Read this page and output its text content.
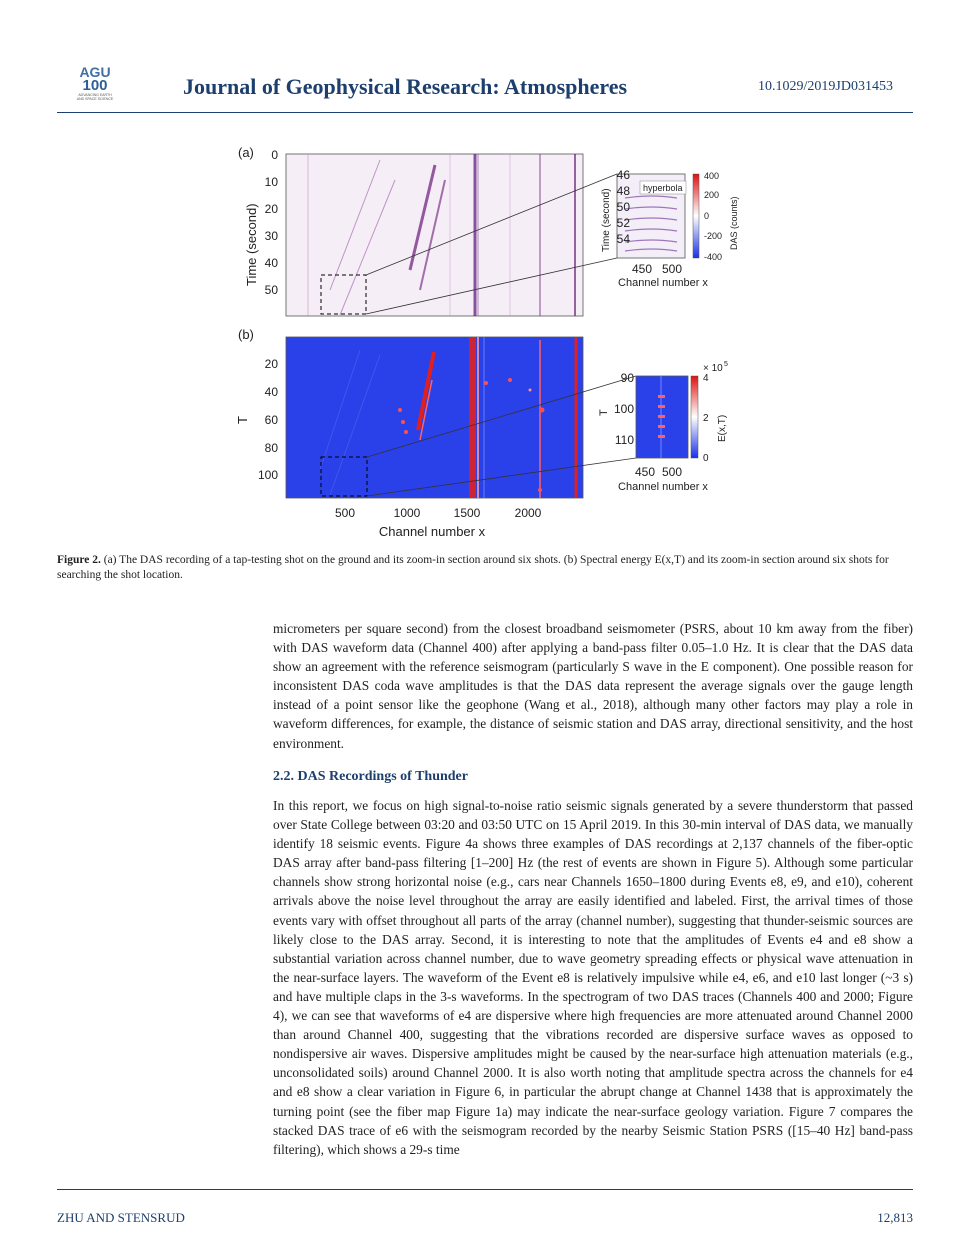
AGU
100
ADVANCING EARTH AND SPACE SCIENCE	Journal of Geophysical Research: Atmospheres	10.1029/2019JD031453
(a) 0
10
20
30
40
50
Time (second)
hyperbola
46
48
50
52
54
Time (second)
450 500
Channel number x
400
200
0
-200
-400
DAS (counts)
(b)
20
40
60
80
100
T
500	1000	1500	2000
Channel number x
90
100
110
T
450 500
Channel number x
× 10 5
4
2
0
E(x,T)
Figure 2. (a) The DAS recording of a tap-testing shot on the ground and its zoom-in section around six shots. (b) Spectral energy E(x,T) and its zoom-in section around six shots for searching the shot location.

micrometers per square second) from the closest broadband seismometer (PSRS, about 10 km away from the fiber) with DAS waveform data (Channel 400) after applying a band-pass filter 0.05–1.0 Hz. It is clear that the DAS data show an agreement with the reference seismogram (particularly S wave in the E component). One possible reason for inconsistent DAS coda wave amplitudes is that the DAS data represent the average signals over the gauge length instead of a point sensor like the geophone (Wang et al., 2018), although many other factors may play a role in waveform differences, for example, the distance of seismic station and DAS array, directional sensitivity, and the host environment.

2.2. DAS Recordings of Thunder

In this report, we focus on high signal-to-noise ratio seismic signals generated by a severe thunderstorm that passed over State College between 03:20 and 03:50 UTC on 15 April 2019. In this 30-min interval of DAS data, we manually identify 18 seismic events. Figure 4a shows three examples of DAS recordings at 2,137 channels of the fiber-optic DAS array after band-pass filtering [1–200] Hz (the rest of events are shown in Figure 5). Although some particular channels show strong horizontal noise (e.g., cars near Channels 1650–1800 during Events e8, e9, and e10), coherent arrivals above the noise level throughout the array are easily identified and labeled. First, the arrival times of those events vary with offset throughout all parts of the array (channel number), suggesting that thunder-seismic sources are likely close to the DAS array. Second, it is interesting to note that the amplitudes of Events e4 and e8 show a substantial variation across channel number, due to wave geometry spreading effects or physical wave attenuation in the near-surface layers. The waveform of the Event e8 is relatively impulsive while e4, e6, and e10 last longer (~3 s) and have multiple claps in the 3-s waveforms. In the spectrogram of two DAS traces (Channels 400 and 2000; Figure 4), we can see that waveforms of e4 are dispersive where high frequencies are more attenuated around Channel 2000 than around Channel 400, suggesting that the vibrations recorded are dispersive surface waves as opposed to nondispersive air waves. Dispersive amplitudes might be caused by the near-surface high attenuation materials (e.g., unconsolidated soils) around Channel 2000. It is also worth noting that amplitude spectra across the channels for e4 and e8 show a clear variation in Figure 6, in particular the abrupt change at Channel 1438 that is approximately the turning point (see the fiber map Figure 1a) may indicate the near-surface geology variation. Figure 7 compares the stacked DAS trace of e6 with the seismogram recorded by the nearby Seismic Station PSRS ([15–40 Hz] band-pass filtering), which shows a 29-s time

ZHU AND STENSRUD	12,813
